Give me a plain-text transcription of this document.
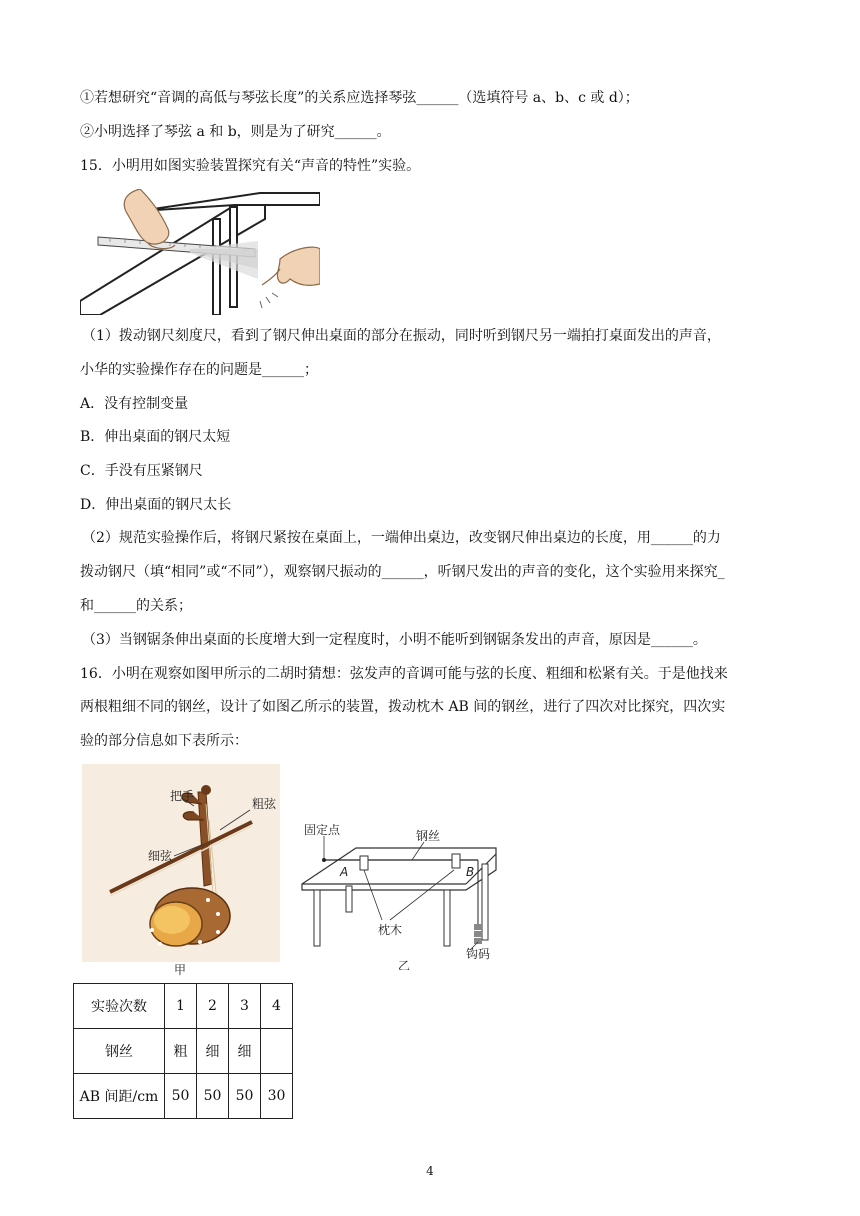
①若想研究“音调的高低与琴弦长度”的关系应选择琴弦______（选填符号 a、b、c 或 d）；
②小明选择了琴弦 a 和 b，则是为了研究______。
15．小明用如图实验装置探究有关“声音的特性”实验。
（1）拨动钢尺刻度尺，看到了钢尺伸出桌面的部分在振动，同时听到钢尺另一端拍打桌面发出的声音，
小华的实验操作存在的问题是______；
A．没有控制变量
B．伸出桌面的钢尺太短
C．手没有压紧钢尺
D．伸出桌面的钢尺太长
（2）规范实验操作后，将钢尺紧按在桌面上，一端伸出桌边，改变钢尺伸出桌边的长度，用______的力
拨动钢尺（填“相同”或“不同”），观察钢尺振动的______，听钢尺发出的声音的变化，这个实验用来探究_
和______的关系；
（3）当钢锯条伸出桌面的长度增大到一定程度时，小明不能听到钢锯条发出的声音，原因是______。
16．小明在观察如图甲所示的二胡时猜想：弦发声的音调可能与弦的长度、粗细和松紧有关。于是他找来
两根粗细不同的钢丝，设计了如图乙所示的装置，拨动枕木 AB 间的钢丝，进行了四次对比探究，四次实
验的部分信息如下表所示：
把手
粗弦
细弦
甲
固定点	钢丝
A	B
枕木
钩码
乙
实验次数	1	2	3	4
钢丝	粗	细	细	
AB 间距/cm	50	50	50	30
4
